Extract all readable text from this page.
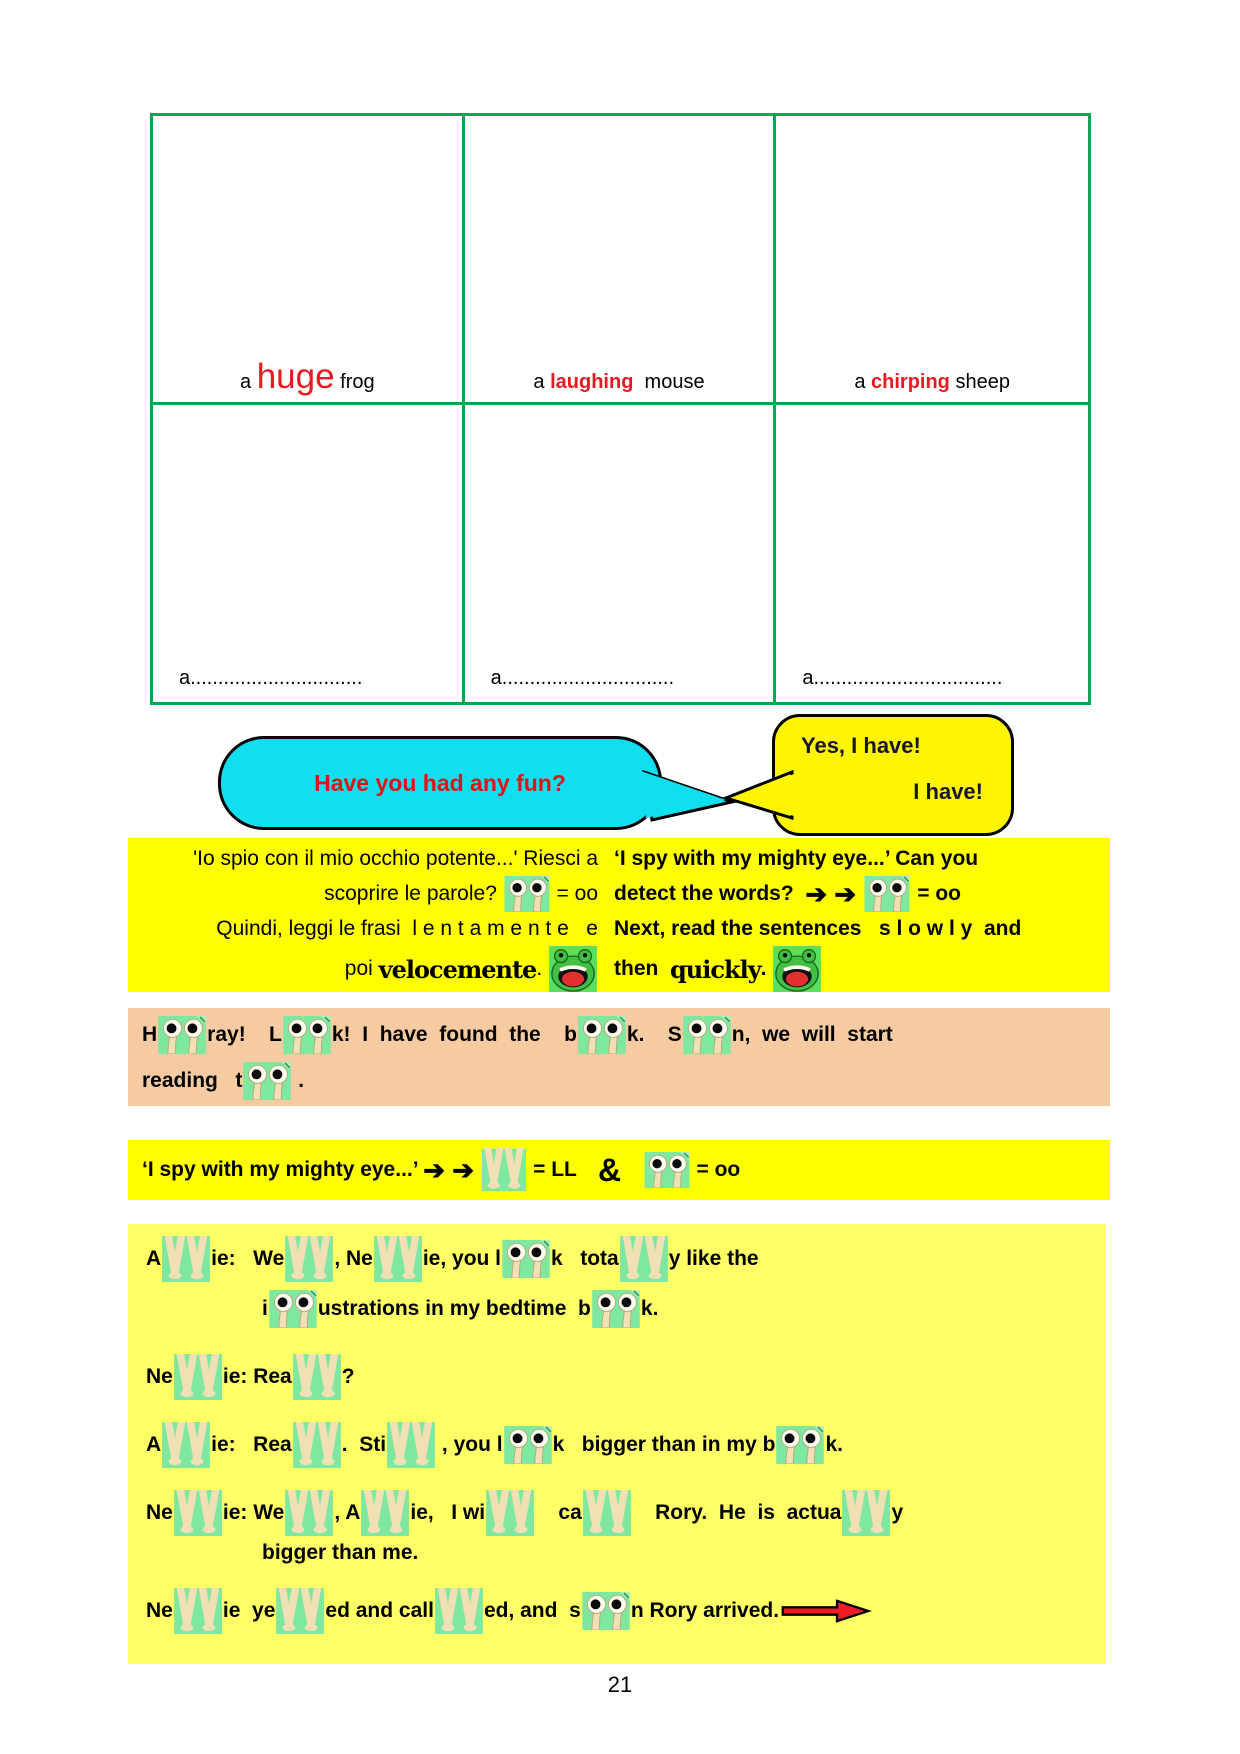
a huge frog	a laughing  mouse	a chirping sheep
a...............................	a...............................	a..................................
Have you had any fun?
Yes, I have!
I have!
'Io spio con il mio occhio potente...' Riesci a
scoprire le parole? = oo
Quindi, leggi le frasi  l e n t a m e n t e   e
poi velocemente .
‘I spy with my mighty eye...’ Can you
detect the words? ➔ ➔ = oo
Next, read the sentences   s l o w l y  and
then quickly .
H ray!    L k!  I  have  found  the    b k.    S n,  we  will  start
reading   t .
‘I spy with my mighty eye...’ ➔ ➔ = LL &
	= oo
A ie:   We , Ne ie, you l k   tota y like the
i ustrations in my bedtime  b k.
Ne ie: Rea ?
A ie:   Rea .  Sti , you l k   bigger than in my b k.
Ne ie: We , A ie,   I wi ca Rory.  He  is  actua y
bigger than me.
Ne ie  ye ed and call ed, and  s n Rory arrived.
21
